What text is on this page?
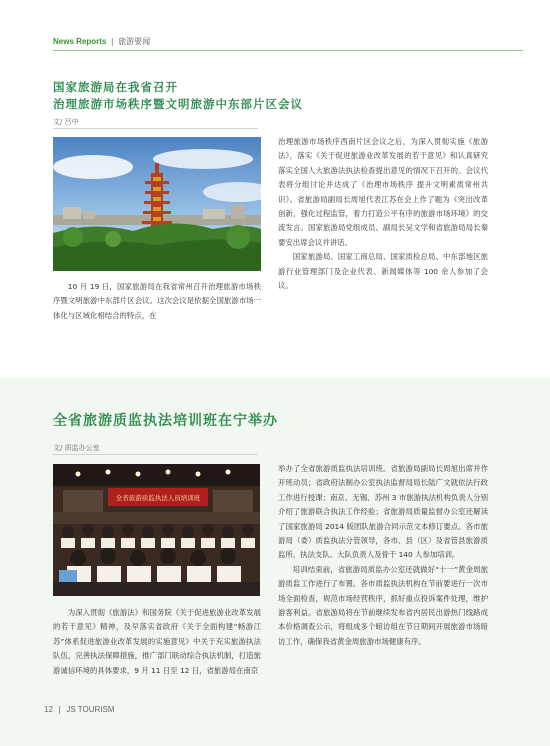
News Reports | 旅游要闻
国家旅游局在我省召开
治理旅游市场秩序暨文明旅游中东部片区会议
文/ 吕中

10 月 19 日，国家旅游局在我省常州召开治理旅游市场秩序暨文明旅游中东部片区会议。这次会议是依据全国旅游市场一体化与区域化相结合的特点，在

治理旅游市场秩序西南片区会议之后，为深入贯彻实施《旅游法》，落实《关于促进旅游业改革发展的若干意见》和认真研究落实全国人大旅游法执法检查提出意见的情况下召开的。会议代表将分组讨论并达成了《治理市场秩序 提升文明素质常州共识》。省旅游局副局长周旭代表江苏在会上作了题为《突出改革创新，强化过程监管，着力打造公平有序的旅游市场环境》的交流发言。国家旅游局党组成员、副局长吴文学和省旅游局局长秦要安出席会议并讲话。

国家旅游局、国家工商总局、国家质检总局、中东部地区旅游行业管理部门及企业代表、新闻媒体等 100 余人参加了会议。

全省旅游质监执法培训班在宁举办
文/ 质监办公室
全省旅游质监执法人员培训班

为深入贯彻《旅游法》和国务院《关于促进旅游业改革发展的若干意见》精神，及早落实省政府《关于全面构建“畅游江苏”体系促进旅游业改革发展的实施意见》中关于充实旅游执法队伍，完善执法保障措施，推广部门联动综合执法机制，打造旅游诚信环境的具体要求，9 月 11 日至 12 日，省旅游局在南京

举办了全省旅游质监执法培训班。省旅游局副局长周旭出席并作开班动员；省政府法制办公室执法监督局局长陆广文就依法行政工作进行授课；南京、无锡、苏州 3 市旅游执法机构负责人分别介绍了旅游联合执法工作经验；省旅游局质量监督办公室还解读了国家旅游局 2014 版团队旅游合同示范文本修订要点。各市旅游局（委）质监执法分管领导，各市、县（区）及省管县旅游质监所、执法支队、大队负责人及骨干 140 人参加培训。

培训结束前，省旅游局质监办公室还就做好“十一”黄金周旅游质监工作进行了布置。各市质监执法机构在节前要进行一次市场全面检查，规范市场经营秩序，抓好重点投诉案件处理，维护游客利益。省旅游局将在节前继续发布省内居民出游热门线路成本价格调查公示，将组成多个暗访组在节日期间开展旅游市场暗访工作，确保我省黄金周旅游市场健康有序。

12 JS TOURISM
